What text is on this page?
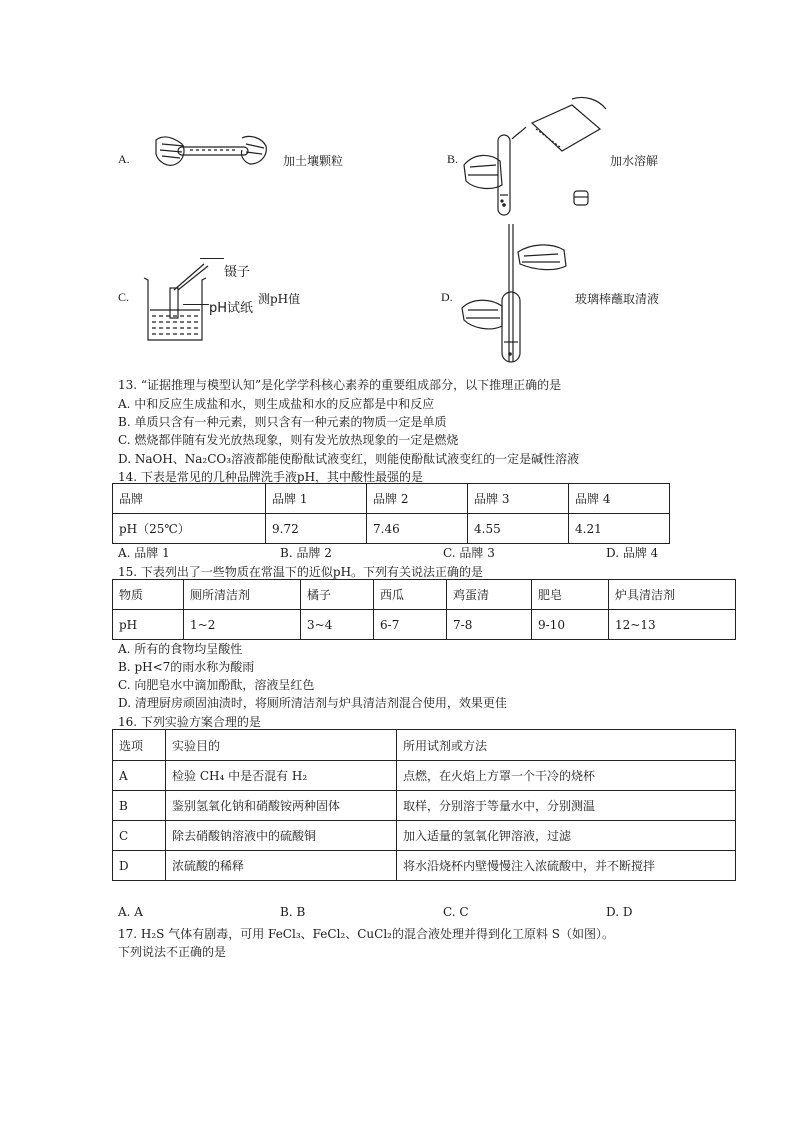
A.	加土壤颗粒	B.	加水溶解
C.
镊子
pH试纸
测pH值	D.	玻璃棒蘸取清液
13. “证据推理与模型认知”是化学学科核心素养的重要组成部分，以下推理正确的是
A. 中和反应生成盐和水，则生成盐和水的反应都是中和反应
B. 单质只含有一种元素，则只含有一种元素的物质一定是单质
C. 燃烧都伴随有发光放热现象，则有发光放热现象的一定是燃烧
D. NaOH、Na₂CO₃溶液都能使酚酞试液变红，则能使酚酞试液变红的一定是碱性溶液
14. 下表是常见的几种品牌洗手液pH，其中酸性最强的是
品牌	品牌 1	品牌 2	品牌 3	品牌 4
pH（25℃）	9.72	7.46	4.55	4.21
A. 品牌 1	B. 品牌 2	C. 品牌 3	D. 品牌 4
15. 下表列出了一些物质在常温下的近似pH。下列有关说法正确的是
物质	厕所清洁剂	橘子	西瓜	鸡蛋清	肥皂	炉具清洁剂
pH	1~2	3~4	6-7	7-8	9-10	12~13
A. 所有的食物均呈酸性
B. pH<7的雨水称为酸雨
C. 向肥皂水中滴加酚酞，溶液呈红色
D. 清理厨房顽固油渍时，将厕所清洁剂与炉具清洁剂混合使用，效果更佳
16. 下列实验方案合理的是
选项	实验目的	所用试剂或方法
A	检验 CH₄ 中是否混有 H₂	点燃，在火焰上方罩一个干冷的烧杯
B	鉴别氢氧化钠和硝酸铵两种固体	取样，分别溶于等量水中，分别测温
C	除去硝酸钠溶液中的硫酸铜	加入适量的氢氧化钾溶液，过滤
D	浓硫酸的稀释	将水沿烧杯内壁慢慢注入浓硫酸中，并不断搅拌
A. A	B. B	C. C	D. D
17. H₂S 气体有剧毒，可用 FeCl₃、FeCl₂、CuCl₂的混合液处理并得到化工原料 S（如图）。
下列说法不正确的是
